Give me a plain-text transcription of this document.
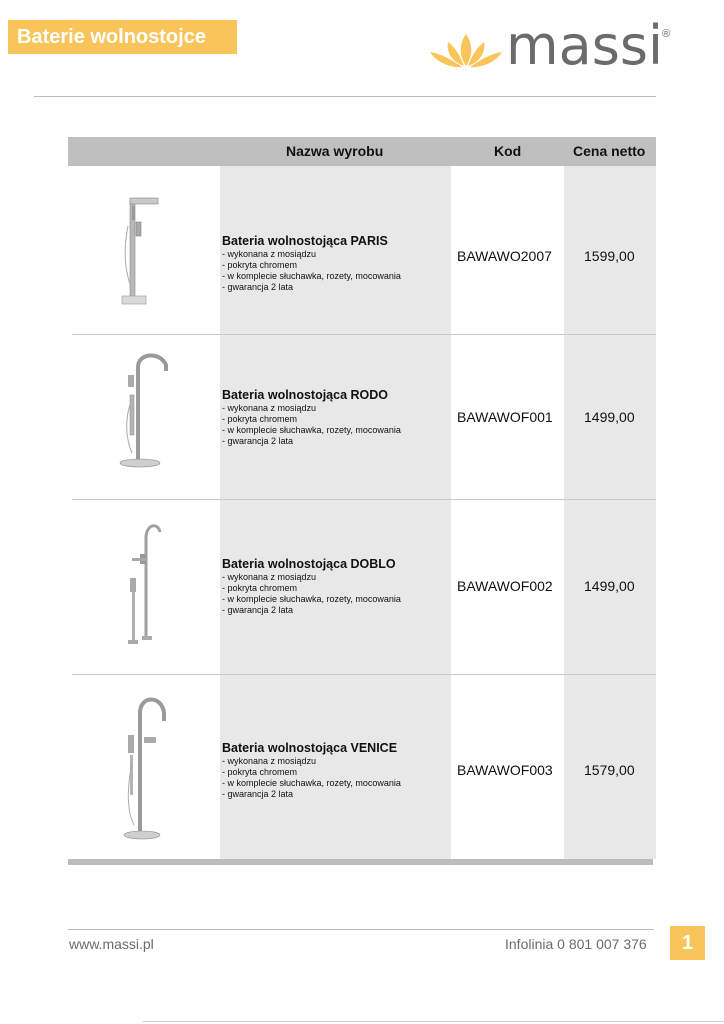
Baterie wolnostojce	massi ®
Nazwa wyrobu	Kod	Cena netto
Bateria wolnostojąca PARIS
- wykonana z mosiądzu
- pokryta chromem
- w komplecie słuchawka, rozety, mocowania
- gwarancja 2 lata
BAWAWO2007 1599,00
Bateria wolnostojąca RODO
- wykonana z mosiądzu
- pokryta chromem
- w komplecie słuchawka, rozety, mocowania
- gwarancja 2 lata
BAWAWOF001 1499,00
Bateria wolnostojąca DOBLO
- wykonana z mosiądzu
- pokryta chromem
- w komplecie słuchawka, rozety, mocowania
- gwarancja 2 lata
BAWAWOF002 1499,00
Bateria wolnostojąca VENICE
- wykonana z mosiądzu
- pokryta chromem
- w komplecie słuchawka, rozety, mocowania
- gwarancja 2 lata
BAWAWOF003 1579,00
www.massi.pl	Infolinia 0 801 007 376	1
